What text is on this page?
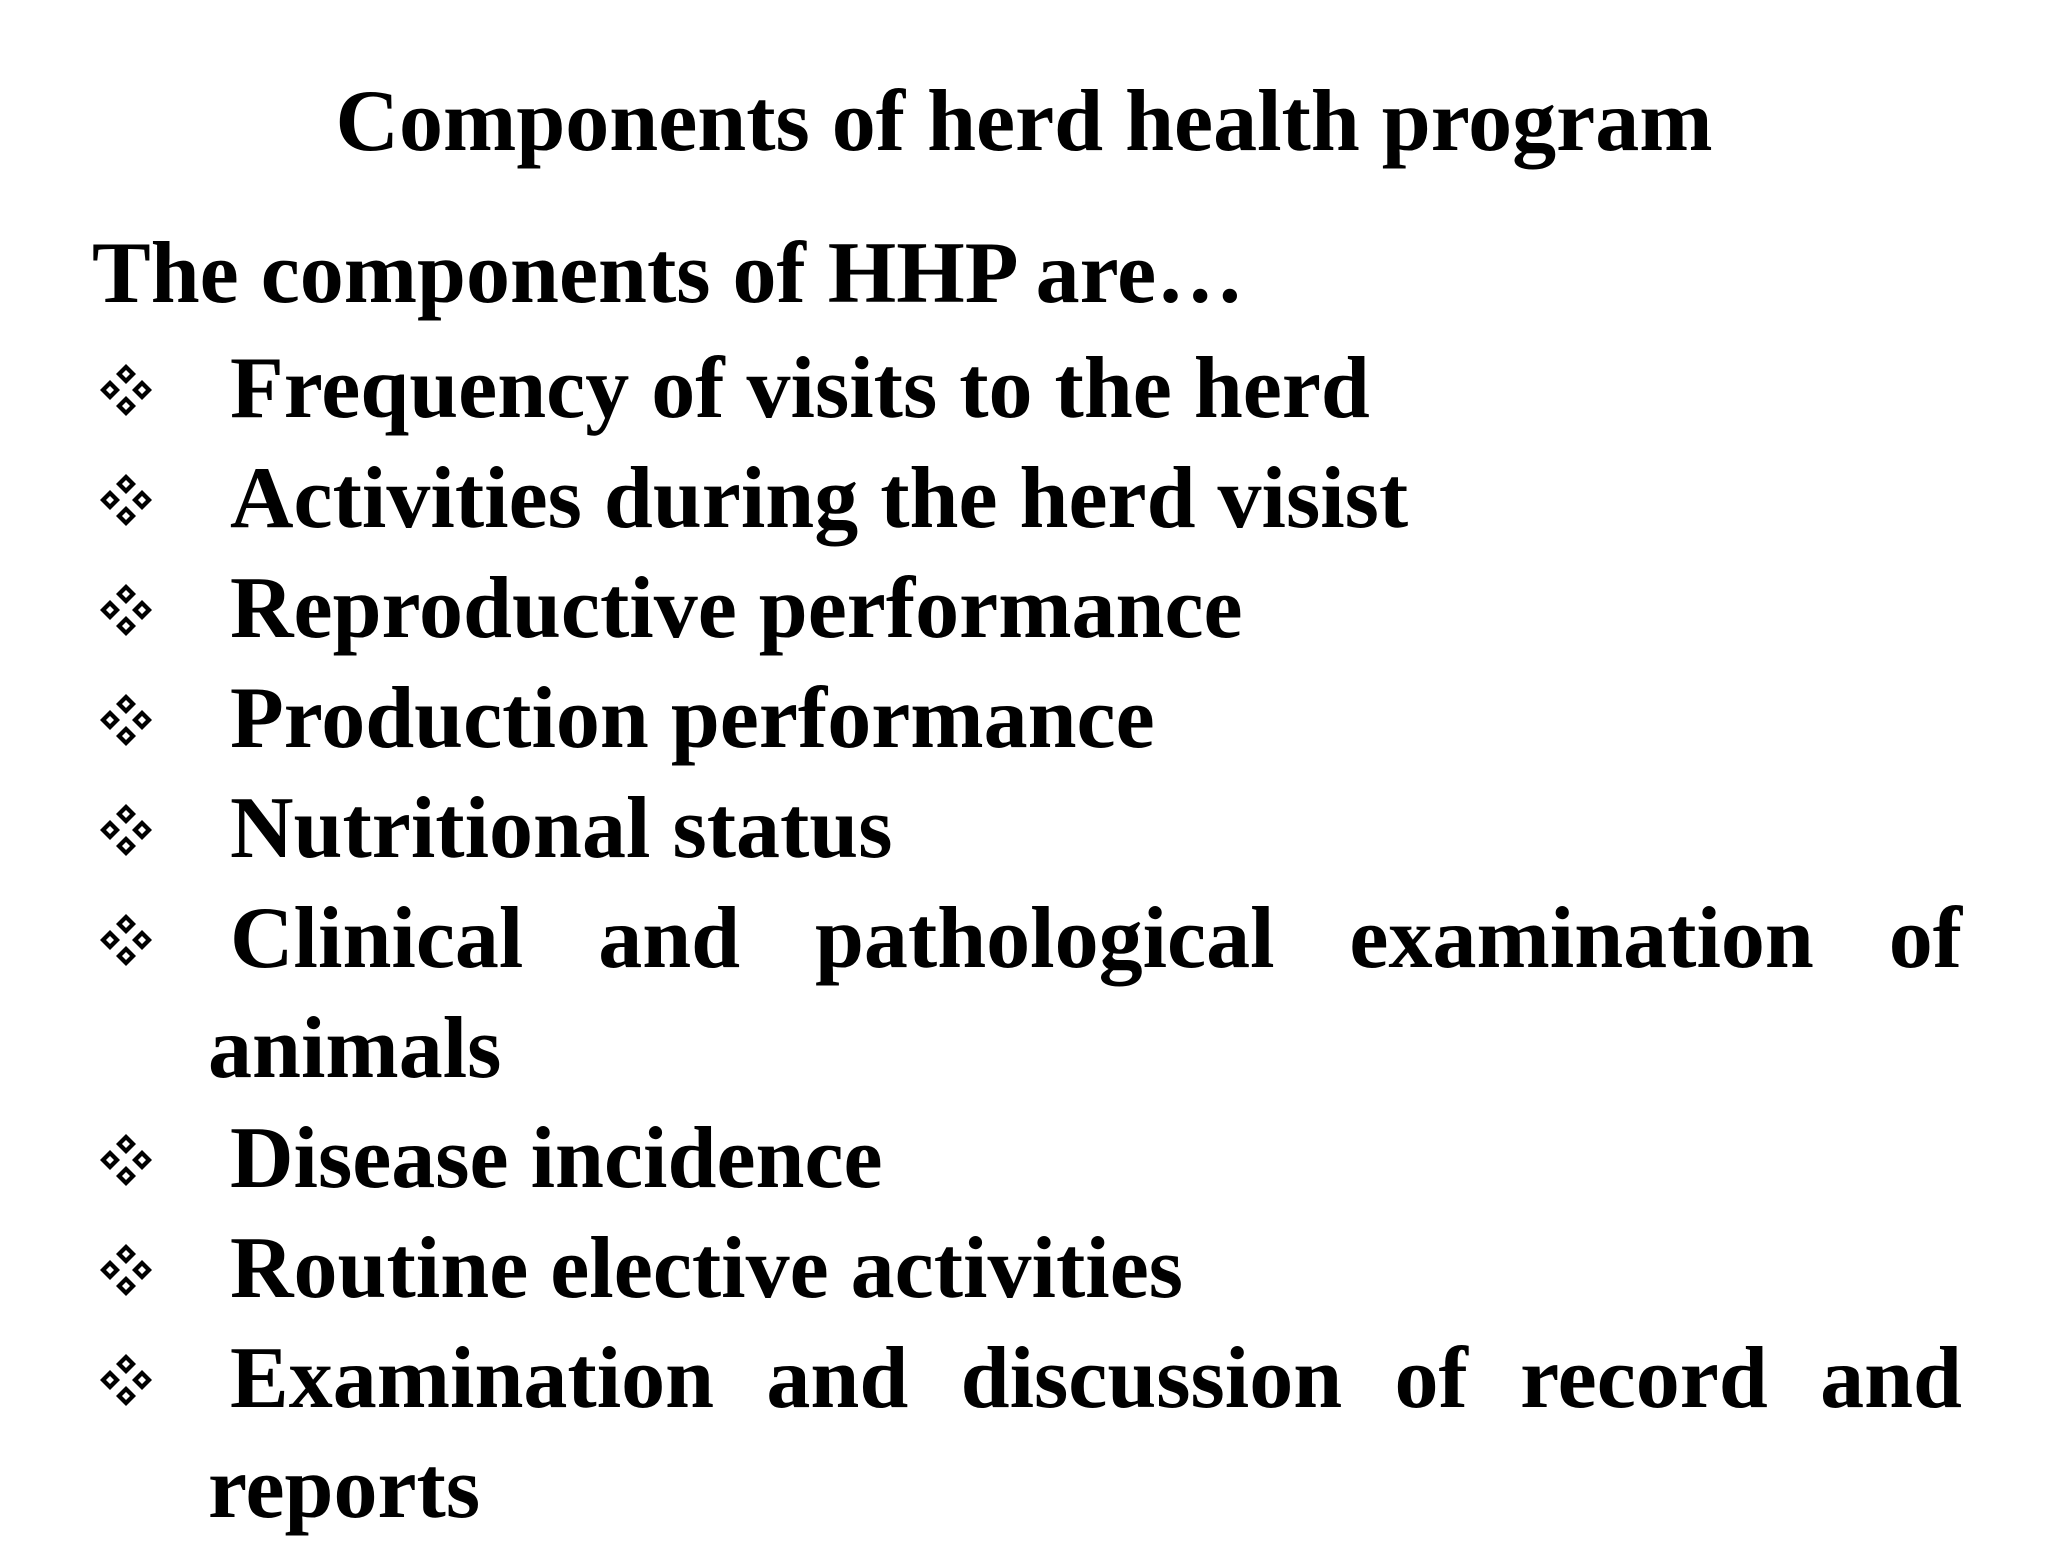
Components of herd health program

The components of HHP are…

Frequency of visits to the herd
Activities during the herd visist
Reproductive performance
Production performance
Nutritional status
Clinical and pathological examination of animals
Disease incidence
Routine elective activities
Examination and discussion of record and reports
